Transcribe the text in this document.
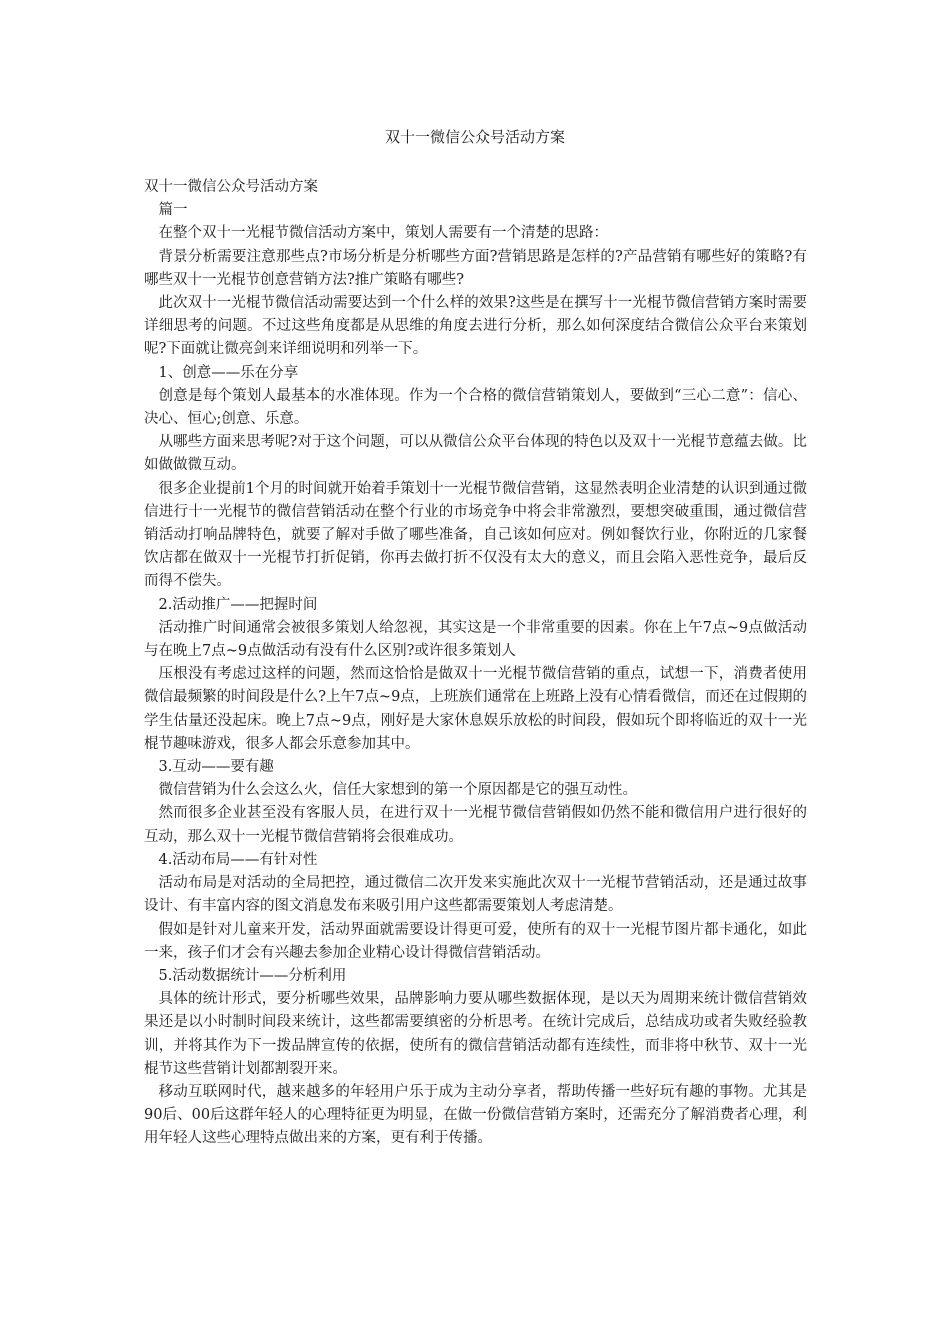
双十一微信公众号活动方案

双十一微信公众号活动方案

篇一

在整个双十一光棍节微信活动方案中，策划人需要有一个清楚的思路：

背景分析需要注意那些点?市场分析是分析哪些方面?营销思路是怎样的?产品营销有哪些好的策略?有哪些双十一光棍节创意营销方法?推广策略有哪些?

此次双十一光棍节微信活动需要达到一个什么样的效果?这些是在撰写十一光棍节微信营销方案时需要详细思考的问题。不过这些角度都是从思维的角度去进行分析，那么如何深度结合微信公众平台来策划呢?下面就让微亮剑来详细说明和列举一下。

1、创意——乐在分享

创意是每个策划人最基本的水准体现。作为一个合格的微信营销策划人，要做到“三心二意”：信心、决心、恒心;创意、乐意。

从哪些方面来思考呢?对于这个问题，可以从微信公众平台体现的特色以及双十一光棍节意蕴去做。比如做做微互动。

很多企业提前1个月的时间就开始着手策划十一光棍节微信营销，这显然表明企业清楚的认识到通过微信进行十一光棍节的微信营销活动在整个行业的市场竞争中将会非常激烈，要想突破重围，通过微信营销活动打响品牌特色，就要了解对手做了哪些准备，自己该如何应对。例如餐饮行业，你附近的几家餐饮店都在做双十一光棍节打折促销，你再去做打折不仅没有太大的意义，而且会陷入恶性竞争，最后反而得不偿失。

2.活动推广——把握时间

活动推广时间通常会被很多策划人给忽视，其实这是一个非常重要的因素。你在上午7点~9点做活动与在晚上7点~9点做活动有没有什么区别?或许很多策划人

压根没有考虑过这样的问题，然而这恰恰是做双十一光棍节微信营销的重点，试想一下，消费者使用微信最频繁的时间段是什么?上午7点~9点，上班族们通常在上班路上没有心情看微信，而还在过假期的学生估量还没起床。晚上7点~9点，刚好是大家休息娱乐放松的时间段，假如玩个即将临近的双十一光棍节趣味游戏，很多人都会乐意参加其中。

3.互动——要有趣

微信营销为什么会这么火，信任大家想到的第一个原因都是它的强互动性。

然而很多企业甚至没有客服人员，在进行双十一光棍节微信营销假如仍然不能和微信用户进行很好的互动，那么双十一光棍节微信营销将会很难成功。

4.活动布局——有针对性

活动布局是对活动的全局把控，通过微信二次开发来实施此次双十一光棍节营销活动，还是通过故事设计、有丰富内容的图文消息发布来吸引用户这些都需要策划人考虑清楚。

假如是针对儿童来开发，活动界面就需要设计得更可爱，使所有的双十一光棍节图片都卡通化，如此一来，孩子们才会有兴趣去参加企业精心设计得微信营销活动。

5.活动数据统计——分析利用

具体的统计形式，要分析哪些效果，品牌影响力要从哪些数据体现，是以天为周期来统计微信营销效果还是以小时制时间段来统计，这些都需要缜密的分析思考。在统计完成后，总结成功或者失败经验教训，并将其作为下一拨品牌宣传的依据，使所有的微信营销活动都有连续性，而非将中秋节、双十一光棍节这些营销计划都割裂开来。

移动互联网时代，越来越多的年轻用户乐于成为主动分享者，帮助传播一些好玩有趣的事物。尤其是90后、00后这群年轻人的心理特征更为明显，在做一份微信营销方案时，还需充分了解消费者心理，利用年轻人这些心理特点做出来的方案，更有利于传播。
